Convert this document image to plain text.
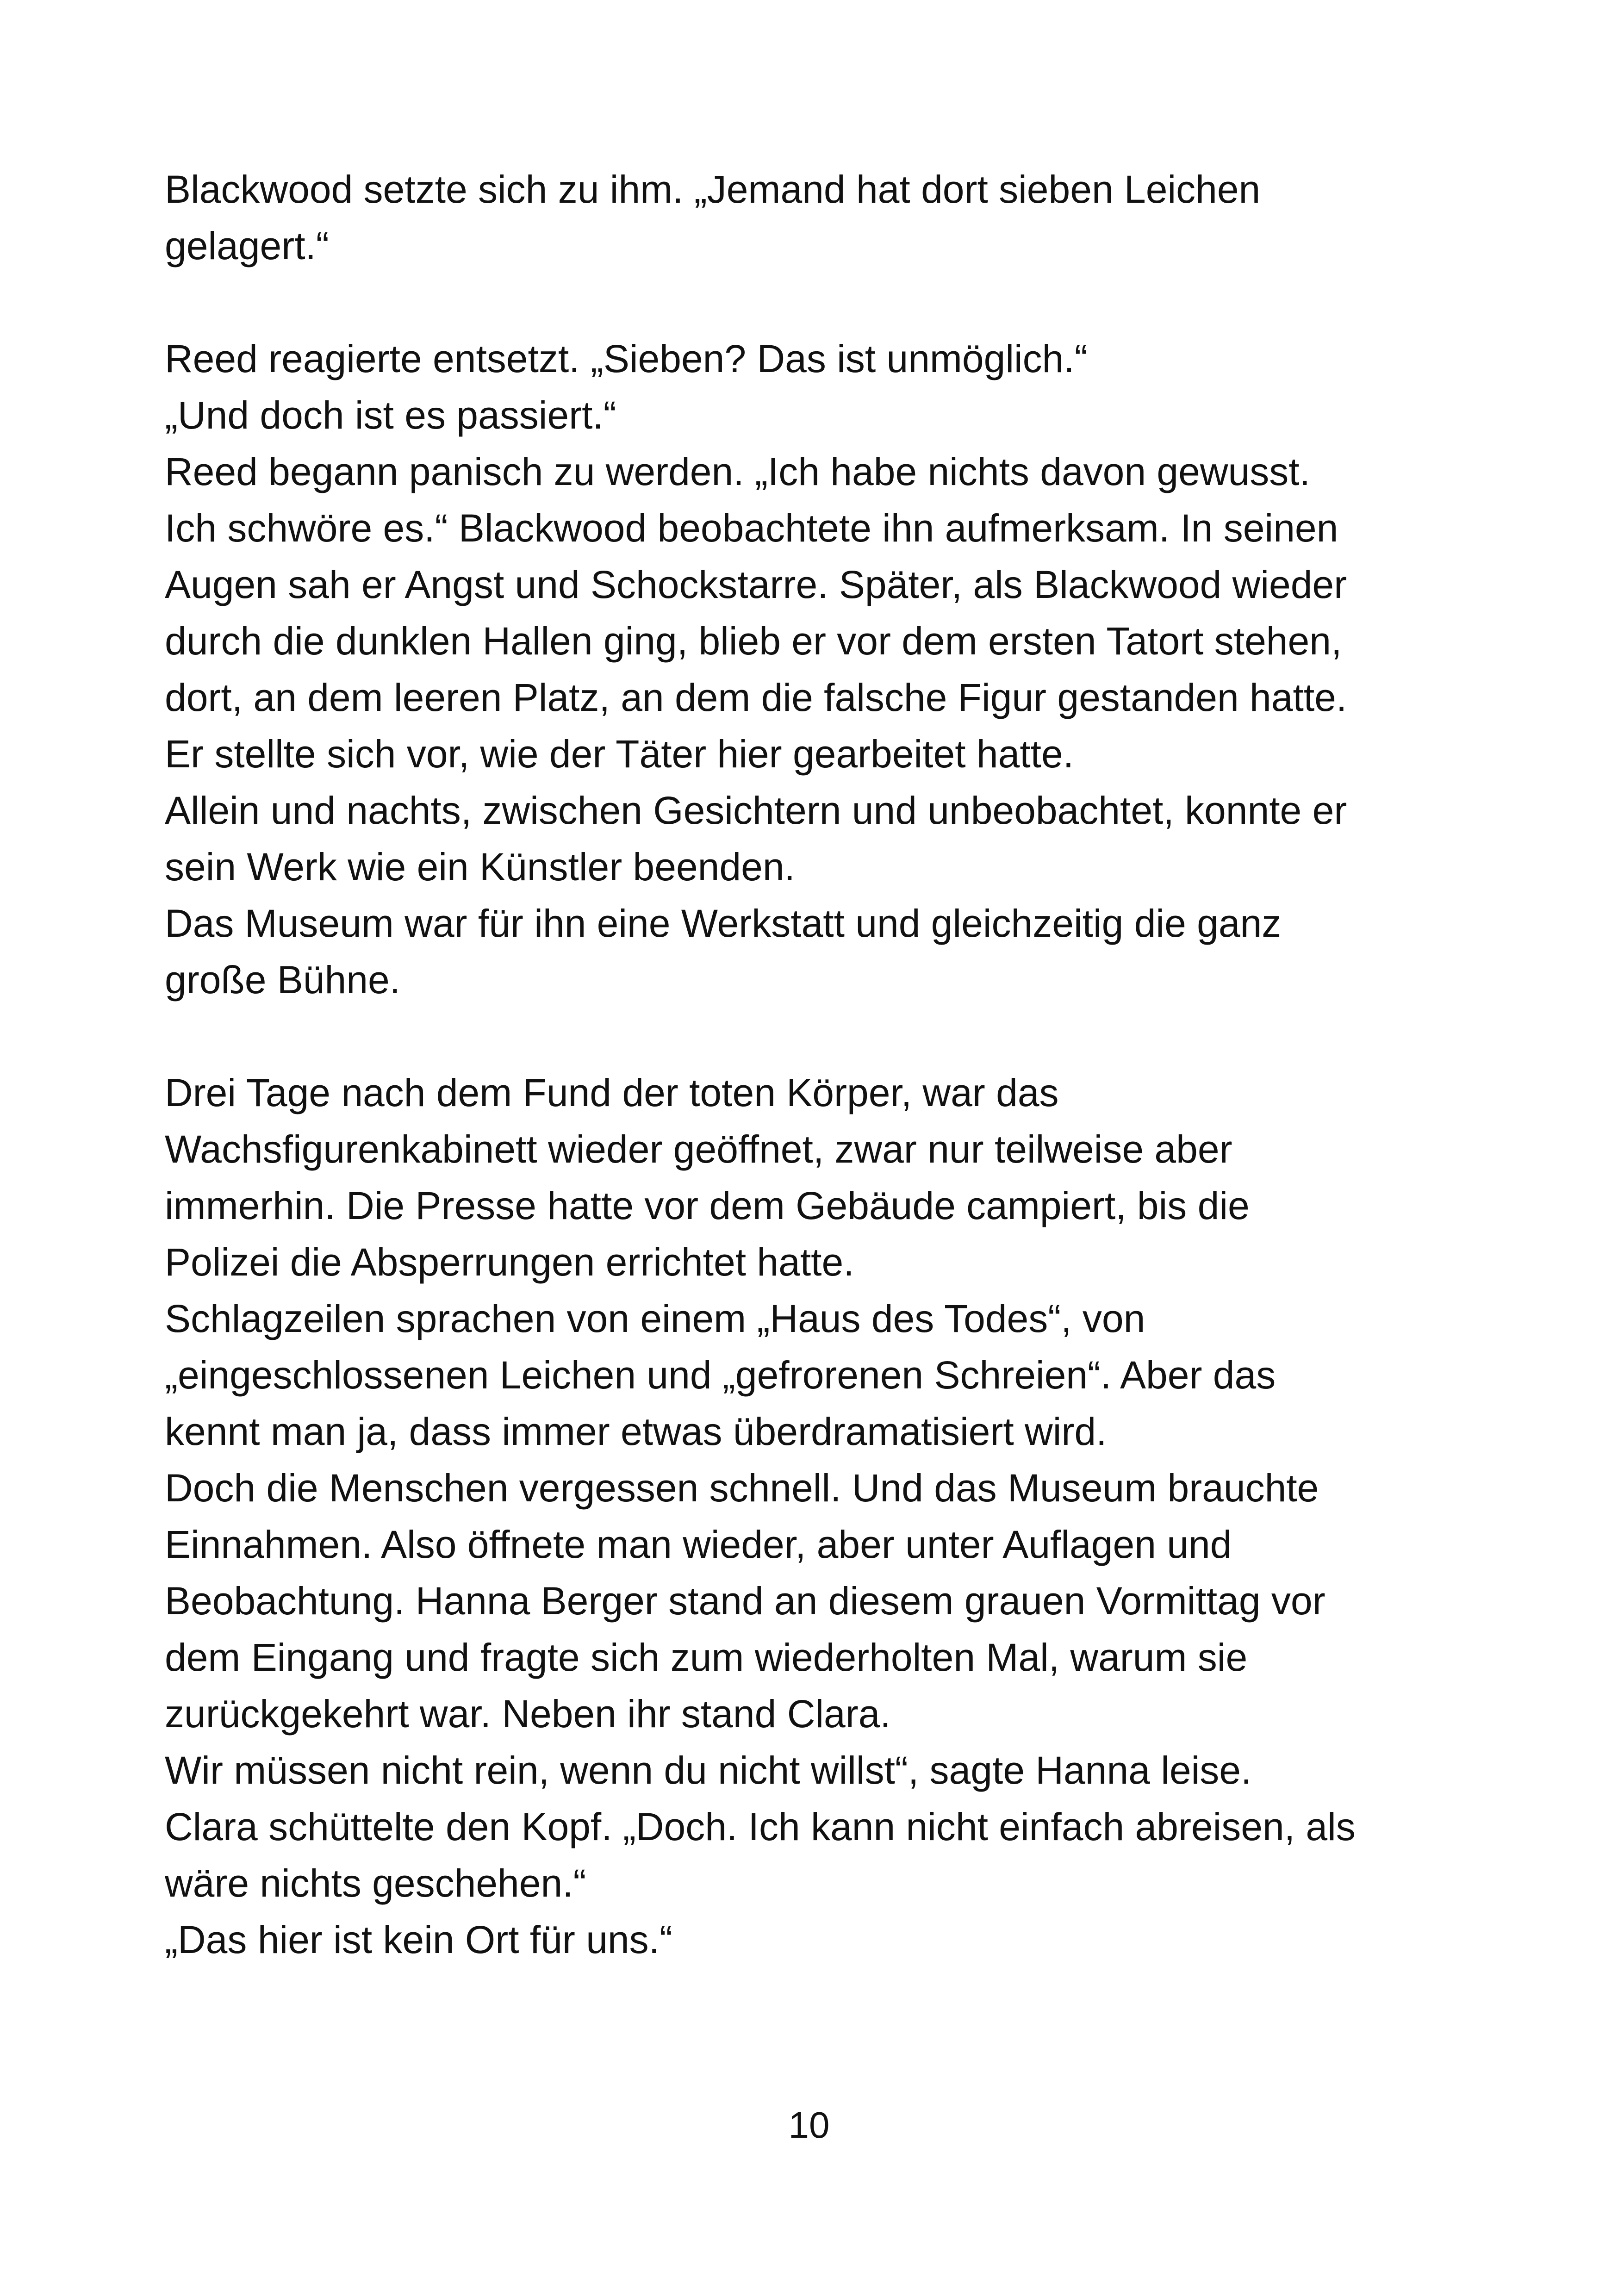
Blackwood setzte sich zu ihm. „Jemand hat dort sieben Leichen
gelagert.“
Reed reagierte entsetzt. „Sieben? Das ist unmöglich.“
„Und doch ist es passiert.“
Reed begann panisch zu werden. „Ich habe nichts davon gewusst.
Ich schwöre es.“ Blackwood beobachtete ihn aufmerksam. In seinen
Augen sah er Angst und Schockstarre. Später, als Blackwood wieder
durch die dunklen Hallen ging, blieb er vor dem ersten Tatort stehen,
dort, an dem leeren Platz, an dem die falsche Figur gestanden hatte.
Er stellte sich vor, wie der Täter hier gearbeitet hatte.
Allein und nachts, zwischen Gesichtern und unbeobachtet, konnte er
sein Werk wie ein Künstler beenden.
Das Museum war für ihn eine Werkstatt und gleichzeitig die ganz
große Bühne.
Drei Tage nach dem Fund der toten Körper, war das
Wachsfigurenkabinett wieder geöffnet, zwar nur teilweise aber
immerhin. Die Presse hatte vor dem Gebäude campiert, bis die
Polizei die Absperrungen errichtet hatte.
Schlagzeilen sprachen von einem „Haus des Todes“, von
„eingeschlossenen Leichen und „gefrorenen Schreien“. Aber das
kennt man ja, dass immer etwas überdramatisiert wird.
Doch die Menschen vergessen schnell. Und das Museum brauchte
Einnahmen. Also öffnete man wieder, aber unter Auflagen und
Beobachtung. Hanna Berger stand an diesem grauen Vormittag vor
dem Eingang und fragte sich zum wiederholten Mal, warum sie
zurückgekehrt war. Neben ihr stand Clara.
Wir müssen nicht rein, wenn du nicht willst“, sagte Hanna leise.
Clara schüttelte den Kopf. „Doch. Ich kann nicht einfach abreisen, als
wäre nichts geschehen.“
„Das hier ist kein Ort für uns.“
10
